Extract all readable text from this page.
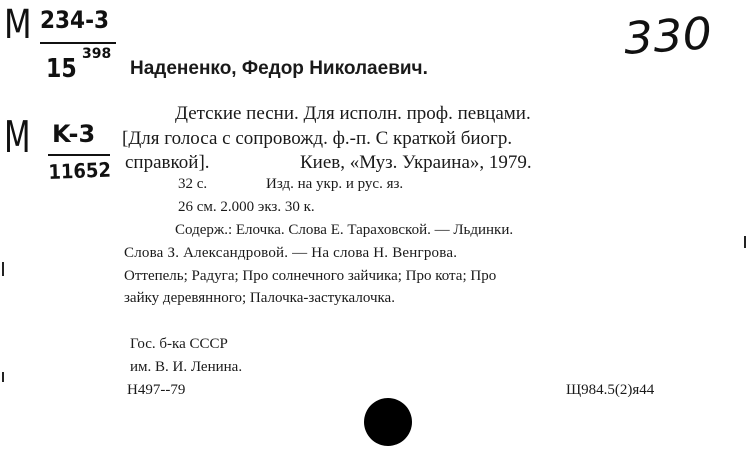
M 234-3
15 398
M K-3
11652
330
Надененко, Федор Николаевич.
Детские песни. Для исполн. проф. певцами.
[Для голоса с сопровожд. ф.-п. С краткой биогр.
справкой].	Киев, «Муз. Украина», 1979.
32 с.	Изд. на укр. и рус. яз.
26 см. 2.000 экз. 30 к.
Содерж.: Елочка. Слова Е. Тараховской. — Льдинки.
Слова З. Александровой. — На слова Н. Венгрова.
Оттепель; Радуга; Про солнечного зайчика; Про кота; Про
зайку деревянного; Палочка-застукалочка.
Гос. б-ка СССР
им. В. И. Ленина.
Н497--79	Щ984.5(2)я44
